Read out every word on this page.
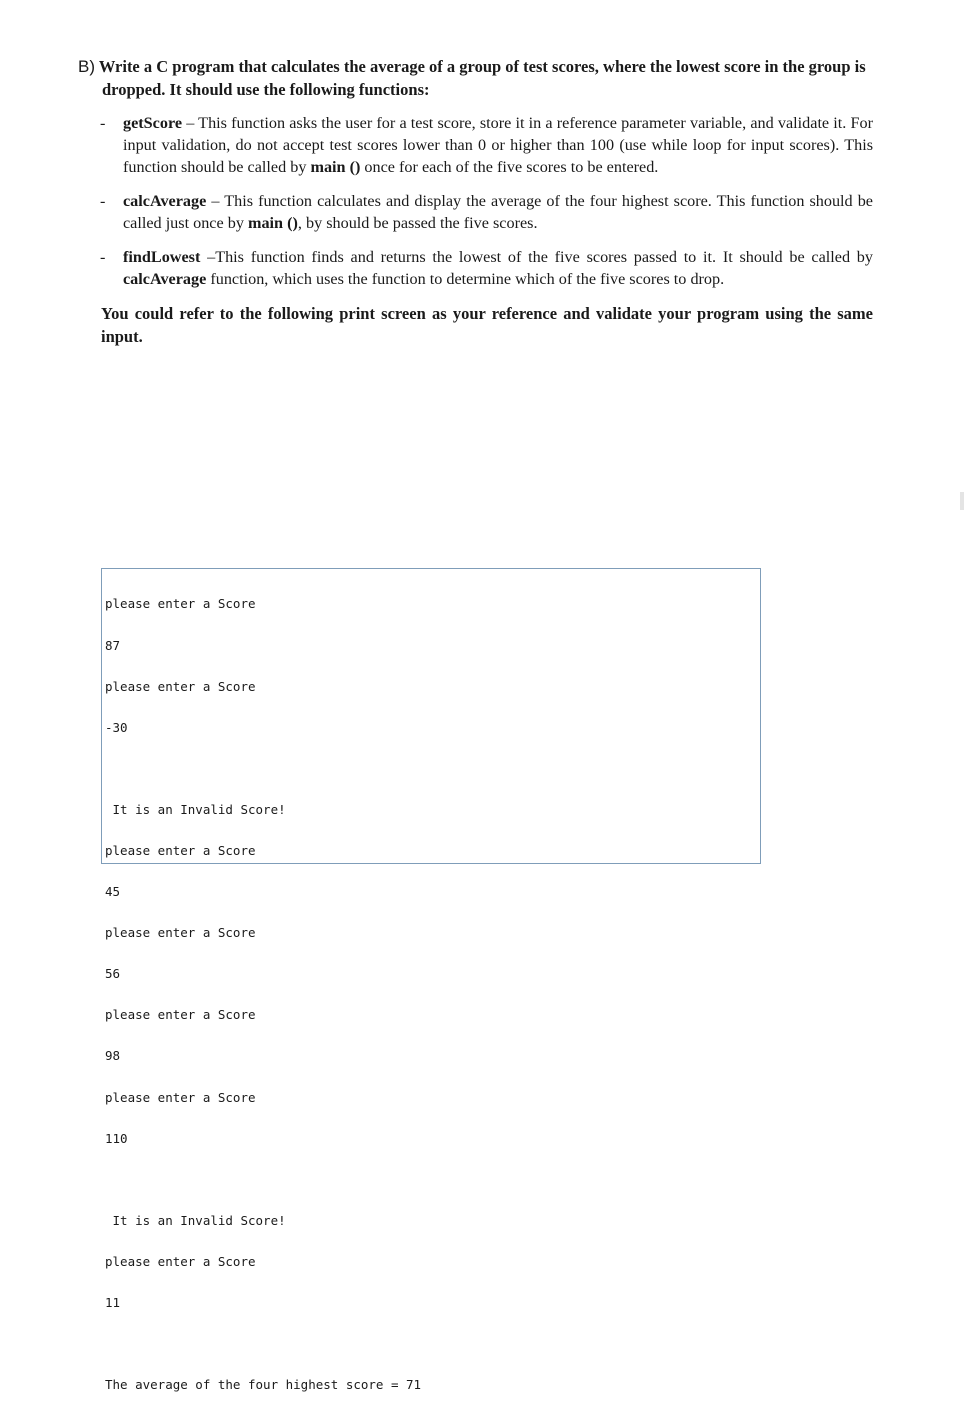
B) Write a C program that calculates the average of a group of test scores, where the lowest score in the group is dropped. It should use the following functions:
- getScore – This function asks the user for a test score, store it in a reference parameter variable, and validate it. For input validation, do not accept test scores lower than 0 or higher than 100 (use while loop for input scores). This function should be called by main () once for each of the five scores to be entered.
- calcAverage – This function calculates and display the average of the four highest score. This function should be called just once by main (), by should be passed the five scores.
- findLowest –This function finds and returns the lowest of the five scores passed to it. It should be called by calcAverage function, which uses the function to determine which of the five scores to drop.
You could refer to the following print screen as your reference and validate your program using the same input.

please enter a Score

87

please enter a Score

-30

It is an Invalid Score!

please enter a Score

45

please enter a Score

56

please enter a Score

98

please enter a Score

110

It is an Invalid Score!

please enter a Score

11

The average of the four highest score = 71
